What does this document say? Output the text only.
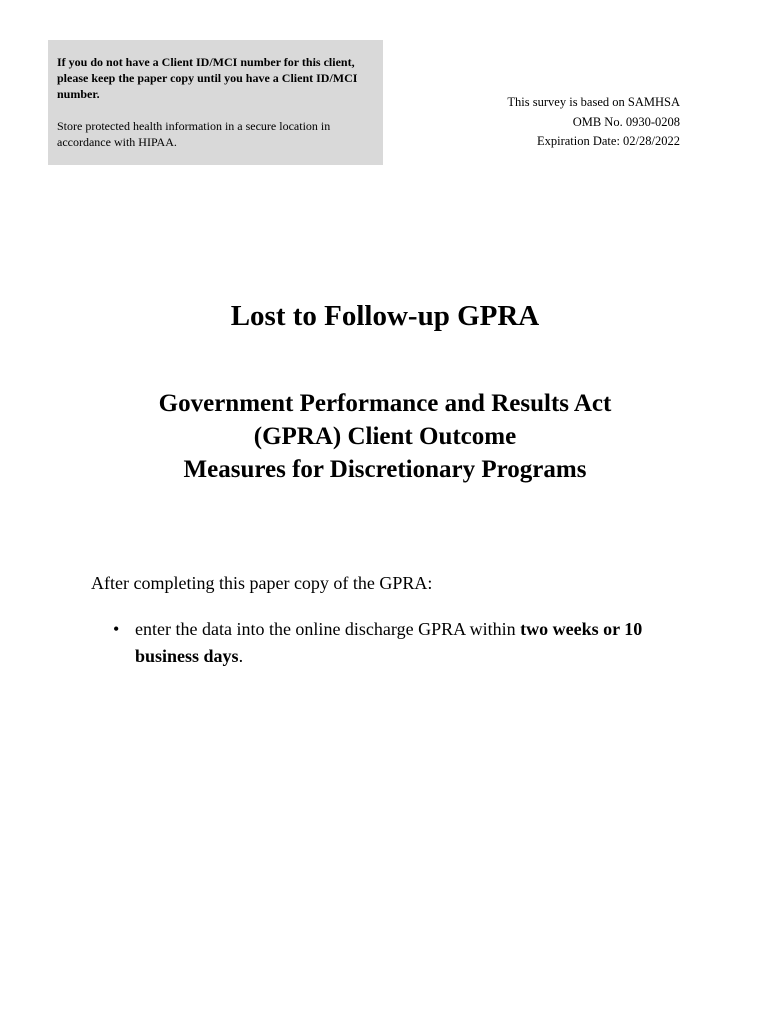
If you do not have a Client ID/MCI number for this client, please keep the paper copy until you have a Client ID/MCI number.

Store protected health information in a secure location in accordance with HIPAA.

This survey is based on SAMHSA
OMB No. 0930-0208
Expiration Date: 02/28/2022
Lost to Follow-up GPRA
Government Performance and Results Act
(GPRA) Client Outcome
Measures for Discretionary Programs

After completing this paper copy of the GPRA:

• enter the data into the online discharge GPRA within two weeks or 10 business days.
